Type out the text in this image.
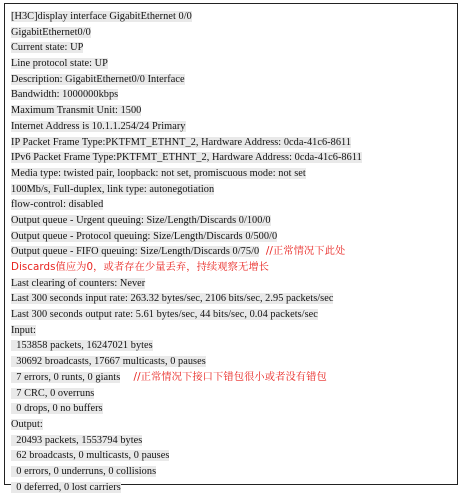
[H3C]display interface GigabitEthernet 0/0
GigabitEthernet0/0
Current state: UP
Line protocol state: UP
Description: GigabitEthernet0/0 Interface
Bandwidth: 1000000kbps
Maximum Transmit Unit: 1500
Internet Address is 10.1.1.254/24 Primary
IP Packet Frame Type:PKTFMT_ETHNT_2, Hardware Address: 0cda-41c6-8611
IPv6 Packet Frame Type:PKTFMT_ETHNT_2, Hardware Address: 0cda-41c6-8611
Media type: twisted pair, loopback: not set, promiscuous mode: not set
100Mb/s, Full-duplex, link type: autonegotiation
flow-control: disabled
Output queue - Urgent queuing: Size/Length/Discards 0/100/0
Output queue - Protocol queuing: Size/Length/Discards 0/500/0
Output queue - FIFO queuing: Size/Length/Discards 0/75/0  //正常情况下此处
Discards值应为0，或者存在少量丢弃，持续观察无增长
Last clearing of counters: Never
Last 300 seconds input rate: 263.32 bytes/sec, 2106 bits/sec, 2.95 packets/sec
Last 300 seconds output rate: 5.61 bytes/sec, 44 bits/sec, 0.04 packets/sec
Input:
153858 packets, 16247021 bytes
30692 broadcasts, 17667 multicasts, 0 pauses
7 errors, 0 runts, 0 giants    //正常情况下接口下错包很小或者没有错包
7 CRC, 0 overruns
0 drops, 0 no buffers
Output:
20493 packets, 1553794 bytes
62 broadcasts, 0 multicasts, 0 pauses
0 errors, 0 underruns, 0 collisions
0 deferred, 0 lost carriers
